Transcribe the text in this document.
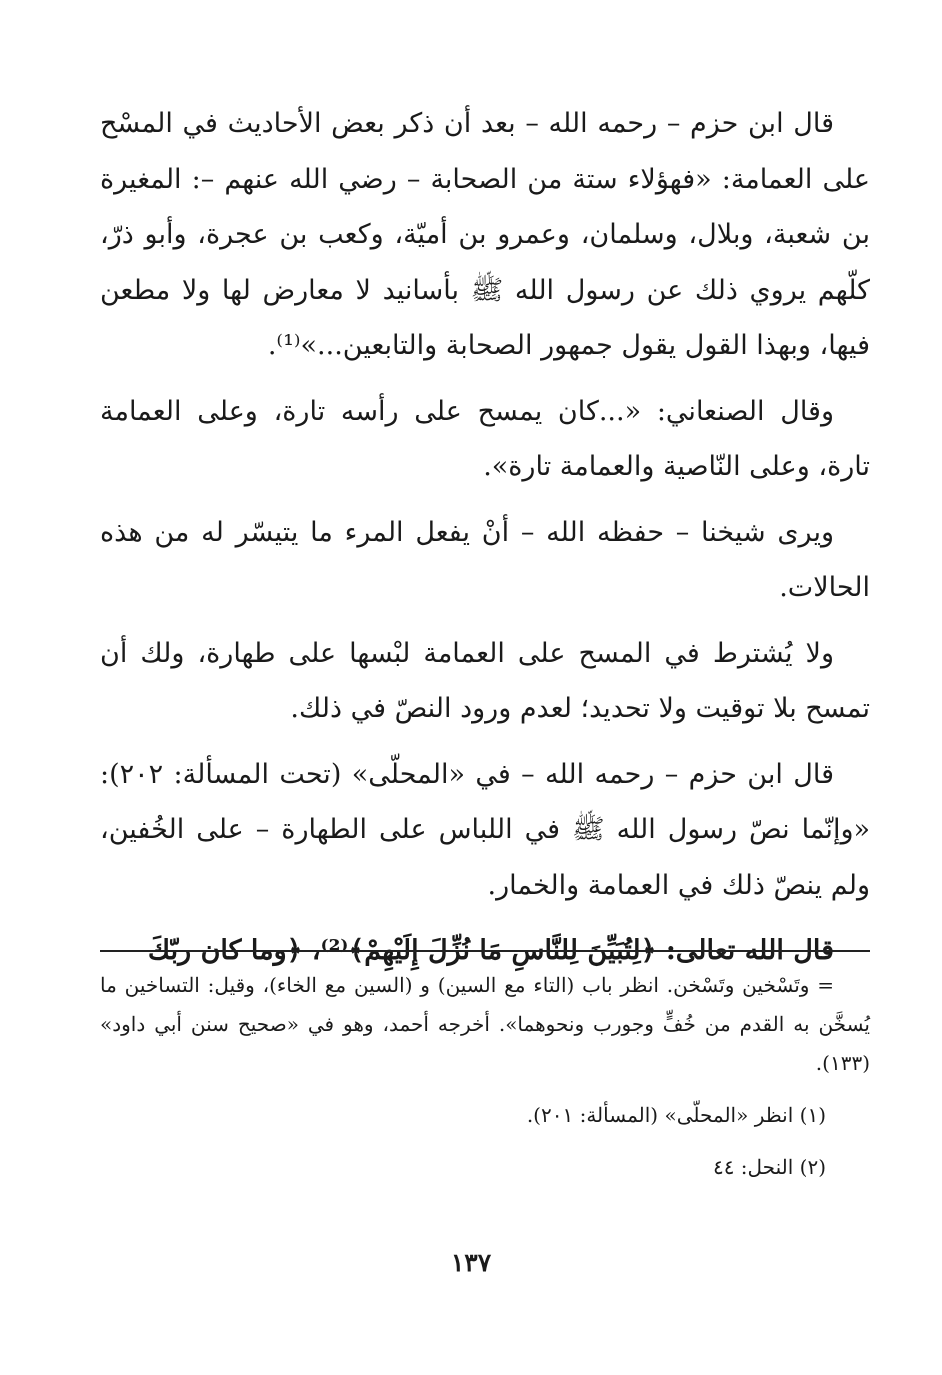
قال ابن حزم – رحمه الله – بعد أن ذكر بعض الأحاديث في المسْح على العمامة: «فهؤلاء ستة من الصحابة – رضي الله عنهم –: المغيرة بن شعبة، وبلال، وسلمان، وعمرو بن أميّة، وكعب بن عجرة، وأبو ذرّ، كلّهم يروي ذلك عن رسول الله ﷺ بأسانيد لا معارض لها ولا مطعن فيها، وبهذا القول يقول جمهور الصحابة والتابعين...»⁽¹⁾.

وقال الصنعاني: «...كان يمسح على رأسه تارة، وعلى العمامة تارة، وعلى النّاصية والعمامة تارة».

ويرى شيخنا – حفظه الله – أنْ يفعل المرء ما يتيسّر له من هذه الحالات.

ولا يُشترط في المسح على العمامة لبْسها على طهارة، ولك أن تمسح بلا توقيت ولا تحديد؛ لعدم ورود النصّ في ذلك.

قال ابن حزم – رحمه الله – في «المحلّى» (تحت المسألة: ٢٠٢): «وإنّما نصّ رسول الله ﷺ في اللباس على الطهارة – على الخُفين، ولم ينصّ ذلك في العمامة والخمار.

قال الله تعالى: ﴿لِتُبَيِّنَ لِلنَّاسِ مَا نُزِّلَ إِلَيْهِمْ﴾⁽²⁾، ﴿وما كان ربّكَ

= وتَسْخين وتَسْخن. انظر باب (التاء مع السين) و (السين مع الخاء)، وقيل: التساخين ما يُسخَّن به القدم من خُفٍّ وجورب ونحوهما». أخرجه أحمد، وهو في «صحيح سنن أبي داود» (١٣٣).

(١) انظر «المحلّى» (المسألة: ٢٠١).

(٢) النحل: ٤٤

١٣٧
